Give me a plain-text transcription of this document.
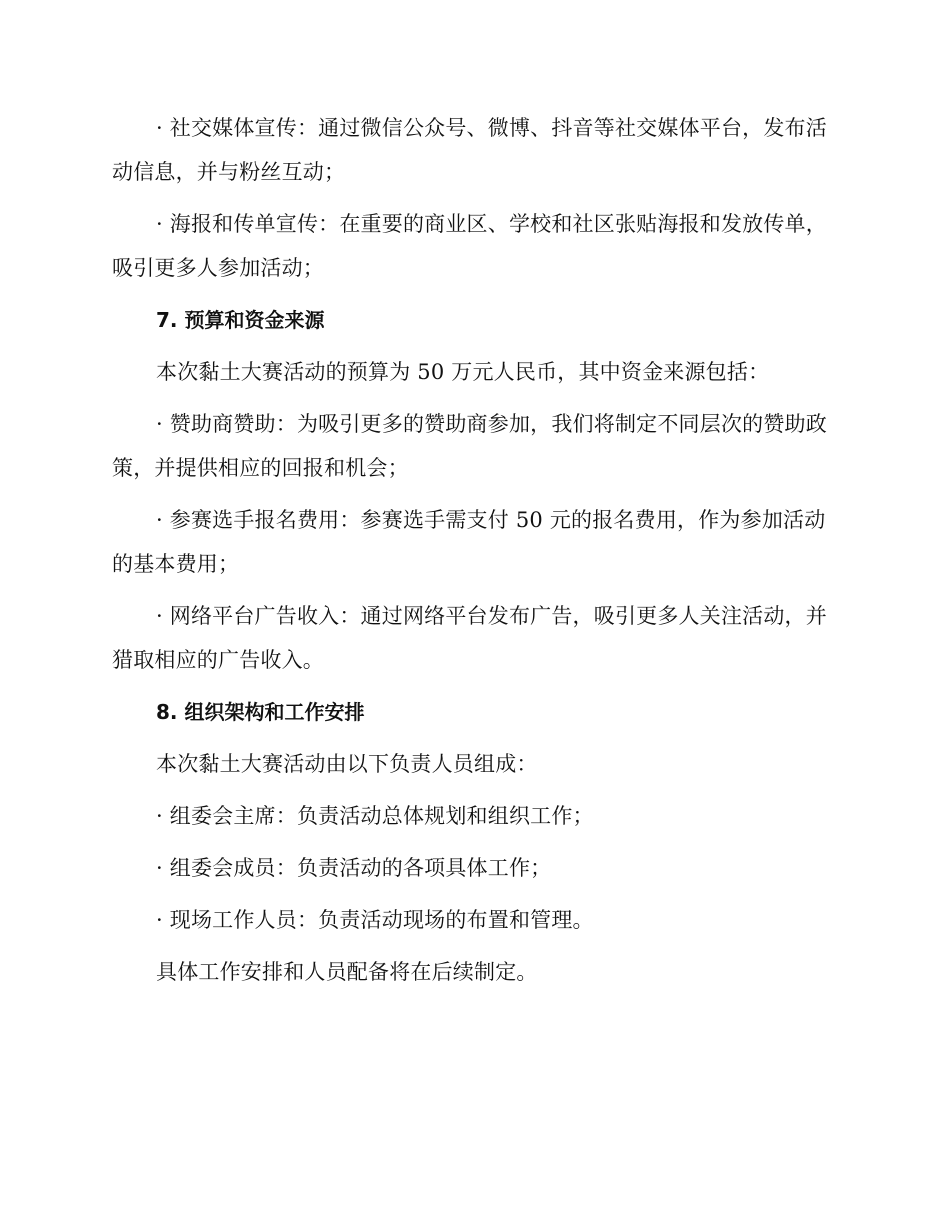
· 社交媒体宣传：通过微信公众号、微博、抖音等社交媒体平台，发布活动信息，并与粉丝互动；

· 海报和传单宣传：在重要的商业区、学校和社区张贴海报和发放传单，吸引更多人参加活动；

7. 预算和资金来源

本次黏土大赛活动的预算为 50 万元人民币，其中资金来源包括：

· 赞助商赞助：为吸引更多的赞助商参加，我们将制定不同层次的赞助政策，并提供相应的回报和机会；

· 参赛选手报名费用：参赛选手需支付 50 元的报名费用，作为参加活动的基本费用；

· 网络平台广告收入：通过网络平台发布广告，吸引更多人关注活动，并猎取相应的广告收入。

8. 组织架构和工作安排

本次黏土大赛活动由以下负责人员组成：

· 组委会主席：负责活动总体规划和组织工作；

· 组委会成员：负责活动的各项具体工作；

· 现场工作人员：负责活动现场的布置和管理。

具体工作安排和人员配备将在后续制定。
